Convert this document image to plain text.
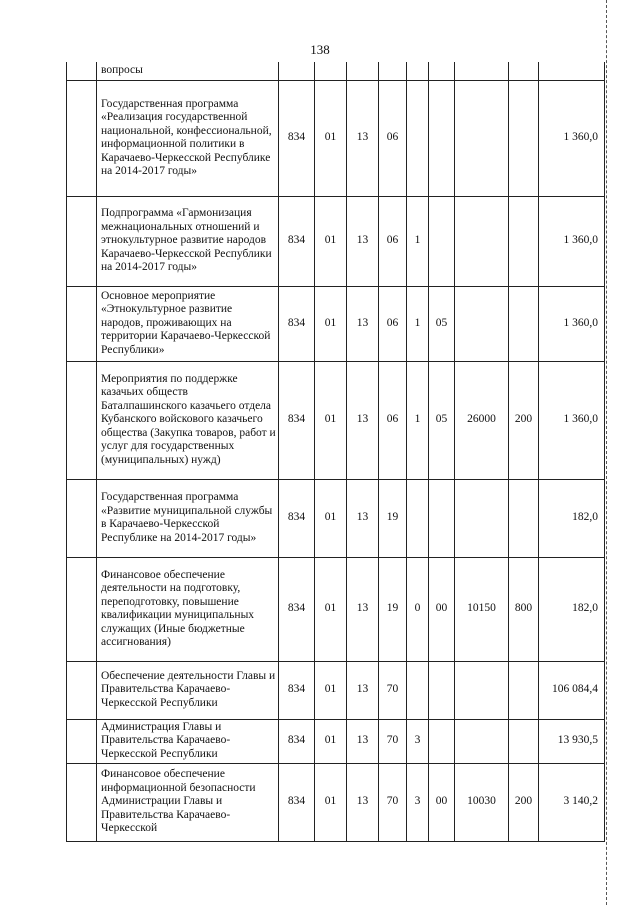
138
	вопросы									
	Государственная программа «Реализация государственной национальной, конфессиональной, информационной политики в Карачаево-Черкесской Республике на 2014-2017 годы»	834	01	13	06					1 360,0
	Подпрограмма «Гармонизация межнациональных отношений и этнокультурное развитие народов Карачаево-Черкесской Республики на 2014-2017 годы»	834	01	13	06	1				1 360,0
	Основное мероприятие «Этнокультурное развитие народов, проживающих на территории Карачаево-Черкесской Республики»	834	01	13	06	1	05			1 360,0
	Мероприятия по поддержке казачьих обществ Баталпашинского казачьего отдела Кубанского войскового казачьего общества (Закупка товаров, работ и услуг для государственных (муниципальных) нужд)	834	01	13	06	1	05	26000	200	1 360,0
	Государственная программа «Развитие муниципальной службы в Карачаево-Черкесской Республике на 2014-2017 годы»	834	01	13	19					182,0
	Финансовое обеспечение деятельности на подготовку, переподготовку, повышение квалификации муниципальных служащих (Иные бюджетные ассигнования)	834	01	13	19	0	00	10150	800	182,0
	Обеспечение деятельности Главы и Правительства Карачаево-Черкесской Республики	834	01	13	70					106 084,4
	Администрация Главы и Правительства Карачаево-Черкесской Республики	834	01	13	70	3				13 930,5
	Финансовое обеспечение информационной безопасности Администрации Главы и Правительства Карачаево-Черкесской	834	01	13	70	3	00	10030	200	3 140,2
